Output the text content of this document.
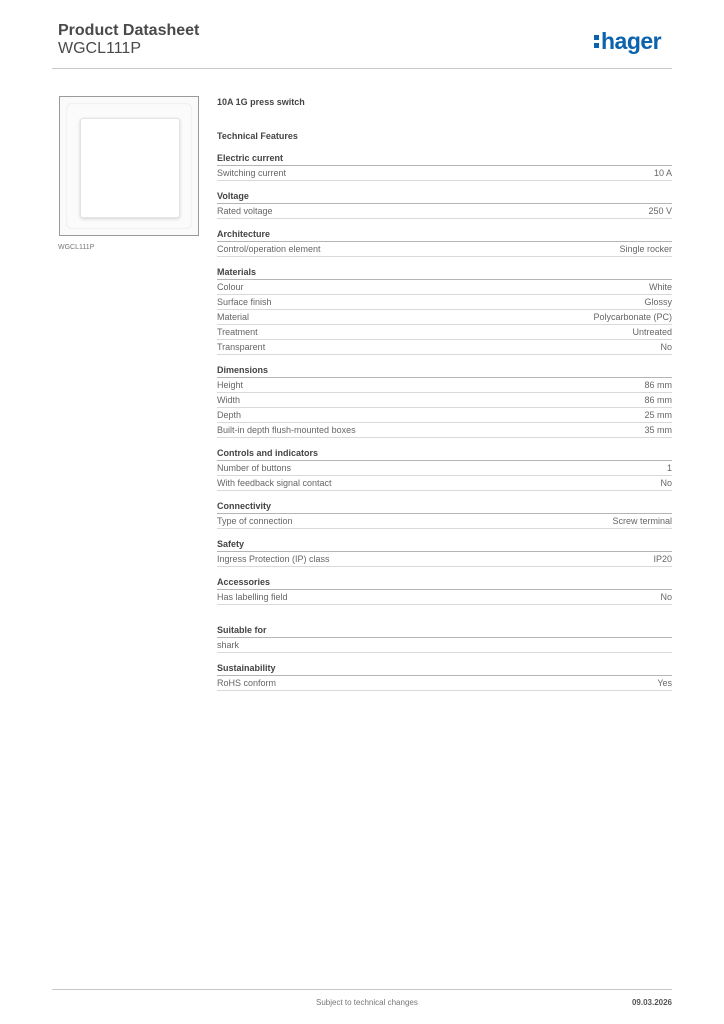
Product Datasheet
WGCL111P	hager
WGCL111P
10A 1G press switch
Technical Features
Electric current
Switching current	10 A
Voltage
Rated voltage	250 V
Architecture
Control/operation element	Single rocker
Materials
Colour	White
Surface finish	Glossy
Material	Polycarbonate (PC)
Treatment	Untreated
Transparent	No
Dimensions
Height	86 mm
Width	86 mm
Depth	25 mm
Built-in depth flush-mounted boxes	35 mm
Controls and indicators
Number of buttons	1
With feedback signal contact	No
Connectivity
Type of connection	Screw terminal
Safety
Ingress Protection (IP) class	IP20
Accessories
Has labelling field	No
Suitable for
shark
Sustainability
RoHS conform	Yes
Subject to technical changes	09.03.2026
